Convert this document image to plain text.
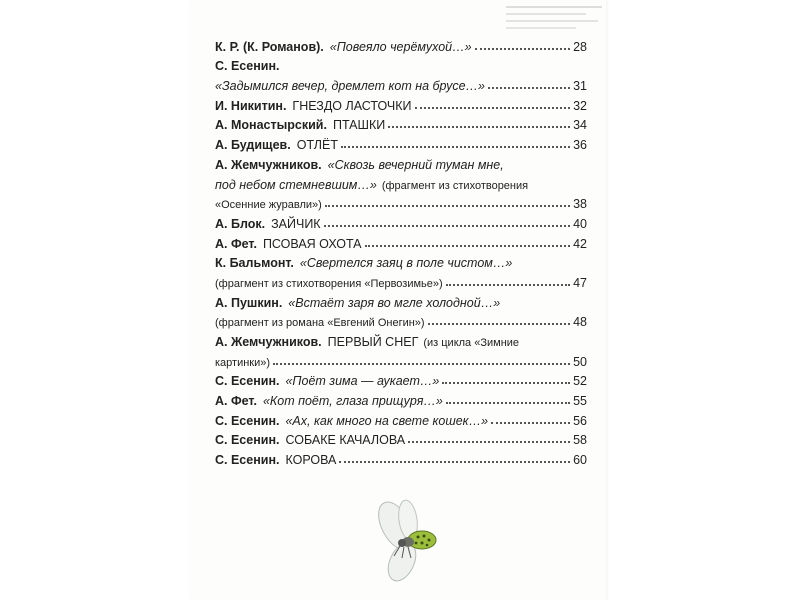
К. Р. (К. Романов). «Повеяло черёмухой…»	28
С. Есенин.
«Задымился вечер, дремлет кот на брусе…»	31
И. Никитин. ГНЕЗДО ЛАСТОЧКИ	32
А. Монастырский. ПТАШКИ	34
А. Будищев. ОТЛЁТ	36
А. Жемчужников. «Сквозь вечерний туман мне,
под небом стемневшим…» (фрагмент из стихотворения
«Осенние журавли»)	38
А. Блок. ЗАЙЧИК	40
А. Фет. ПСОВАЯ ОХОТА	42
К. Бальмонт. «Свертелся заяц в поле чистом…»
(фрагмент из стихотворения «Первозимье»)	47
А. Пушкин. «Встаёт заря во мгле холодной…»
(фрагмент из романа «Евгений Онегин»)	48
А. Жемчужников. ПЕРВЫЙ СНЕГ (из цикла «Зимние
картинки»)	50
С. Есенин. «Поёт зима — аукает…»	52
А. Фет. «Кот поёт, глаза прищуря…»	55
С. Есенин. «Ах, как много на свете кошек…»	56
С. Есенин. СОБАКЕ КАЧАЛОВА	58
С. Есенин. КОРОВА	60
